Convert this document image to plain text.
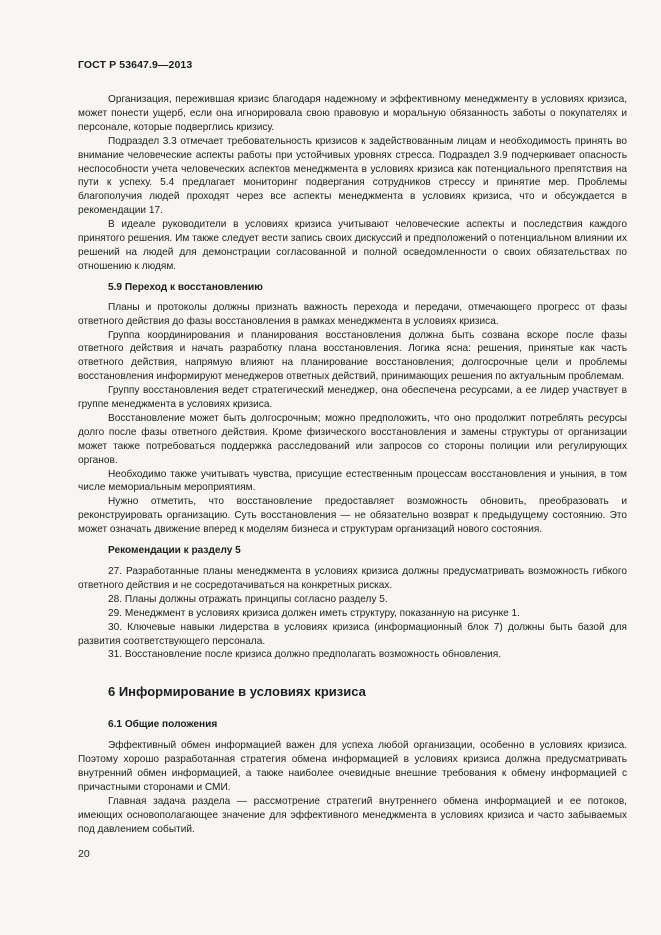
ГОСТ Р 53647.9—2013

Организация, пережившая кризис благодаря надежному и эффективному менеджменту в условиях кризиса, может понести ущерб, если она игнорировала свою правовую и моральную обязанность заботы о покупателях и персонале, которые подверглись кризису.

Подраздел 3.3 отмечает требовательность кризисов к задействованным лицам и необходимость принять во внимание человеческие аспекты работы при устойчивых уровнях стресса. Подраздел 3.9 подчеркивает опасность неспособности учета человеческих аспектов менеджмента в условиях кризиса как потенциального препятствия на пути к успеху. 5.4 предлагает мониторинг подвергания сотрудников стрессу и принятие мер. Проблемы благополучия людей проходят через все аспекты менеджмента в условиях кризиса, что и обсуждается в рекомендации 17.

В идеале руководители в условиях кризиса учитывают человеческие аспекты и последствия каждого принятого решения. Им также следует вести запись своих дискуссий и предположений о потенциальном влиянии их решений на людей для демонстрации согласованной и полной осведомленности о своих обязательствах по отношению к людям.

5.9 Переход к восстановлению

Планы и протоколы должны признать важность перехода и передачи, отмечающего прогресс от фазы ответного действия до фазы восстановления в рамках менеджмента в условиях кризиса.

Группа координирования и планирования восстановления должна быть созвана вскоре после фазы ответного действия и начать разработку плана восстановления. Логика ясна: решения, принятые как часть ответного действия, напрямую влияют на планирование восстановления; долгосрочные цели и проблемы восстановления информируют менеджеров ответных действий, принимающих решения по актуальным проблемам.

Группу восстановления ведет стратегический менеджер, она обеспечена ресурсами, а ее лидер участвует в группе менеджмента в условиях кризиса.

Восстановление может быть долгосрочным; можно предположить, что оно продолжит потреблять ресурсы долго после фазы ответного действия. Кроме физического восстановления и замены структуры от организации может также потребоваться поддержка расследований или запросов со стороны полиции или регулирующих органов.

Необходимо также учитывать чувства, присущие естественным процессам восстановления и уныния, в том числе мемориальным мероприятиям.

Нужно отметить, что восстановление предоставляет возможность обновить, преобразовать и реконструировать организацию. Суть восстановления — не обязательно возврат к предыдущему состоянию. Это может означать движение вперед к моделям бизнеса и структурам организаций нового состояния.

Рекомендации к разделу 5

27. Разработанные планы менеджмента в условиях кризиса должны предусматривать возможность гибкого ответного действия и не сосредотачиваться на конкретных рисках.

28. Планы должны отражать принципы согласно разделу 5.

29. Менеджмент в условиях кризиса должен иметь структуру, показанную на рисунке 1.

30. Ключевые навыки лидерства в условиях кризиса (информационный блок 7) должны быть базой для развития соответствующего персонала.

31. Восстановление после кризиса должно предполагать возможность обновления.

6 Информирование в условиях кризиса
6.1 Общие положения

Эффективный обмен информацией важен для успеха любой организации, особенно в условиях кризиса. Поэтому хорошо разработанная стратегия обмена информацией в условиях кризиса должна предусматривать внутренний обмен информацией, а также наиболее очевидные внешние требования к обмену информацией с причастными сторонами и СМИ.

Главная задача раздела — рассмотрение стратегий внутреннего обмена информацией и ее потоков, имеющих основополагающее значение для эффективного менеджмента в условиях кризиса и часто забываемых под давлением событий.

20
